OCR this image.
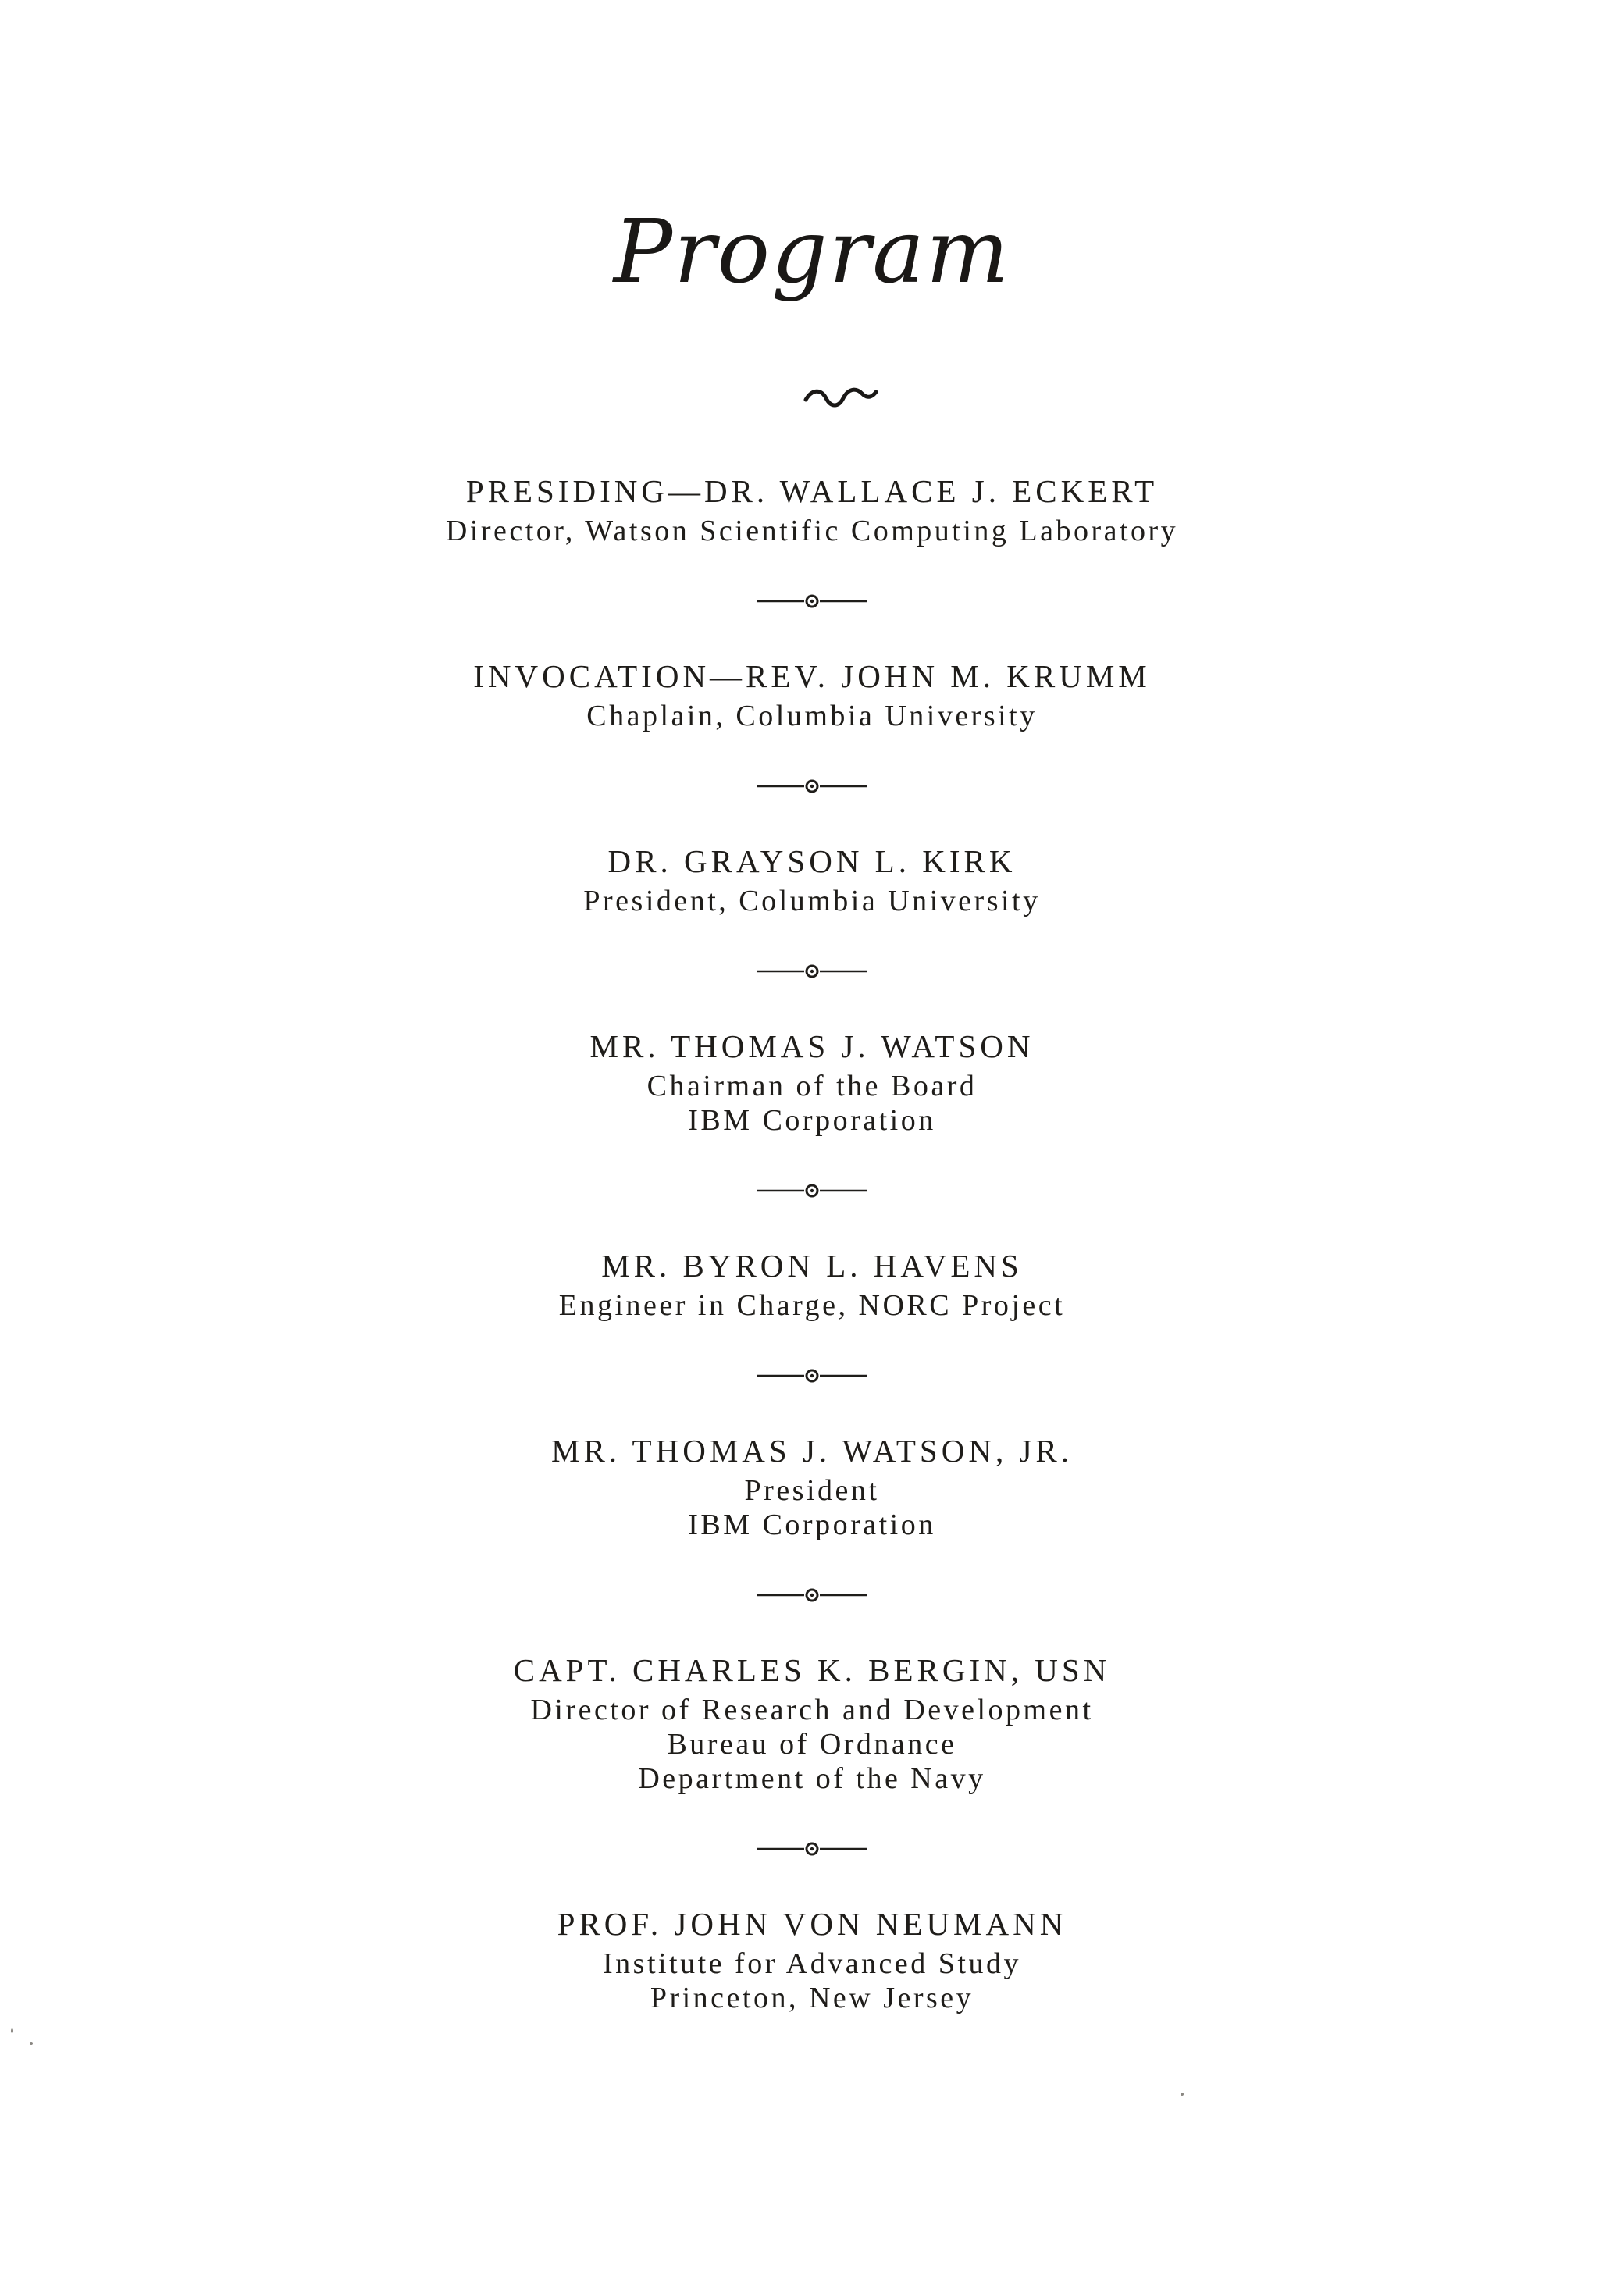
Program
PRESIDING—DR. WALLACE J. ECKERT
Director, Watson Scientific Computing Laboratory
INVOCATION—REV. JOHN M. KRUMM
Chaplain, Columbia University
DR. GRAYSON L. KIRK
President, Columbia University
MR. THOMAS J. WATSON
Chairman of the Board
IBM Corporation
MR. BYRON L. HAVENS
Engineer in Charge, NORC Project
MR. THOMAS J. WATSON, JR.
President
IBM Corporation
CAPT. CHARLES K. BERGIN, USN
Director of Research and Development
Bureau of Ordnance
Department of the Navy
PROF. JOHN VON NEUMANN
Institute for Advanced Study
Princeton, New Jersey
